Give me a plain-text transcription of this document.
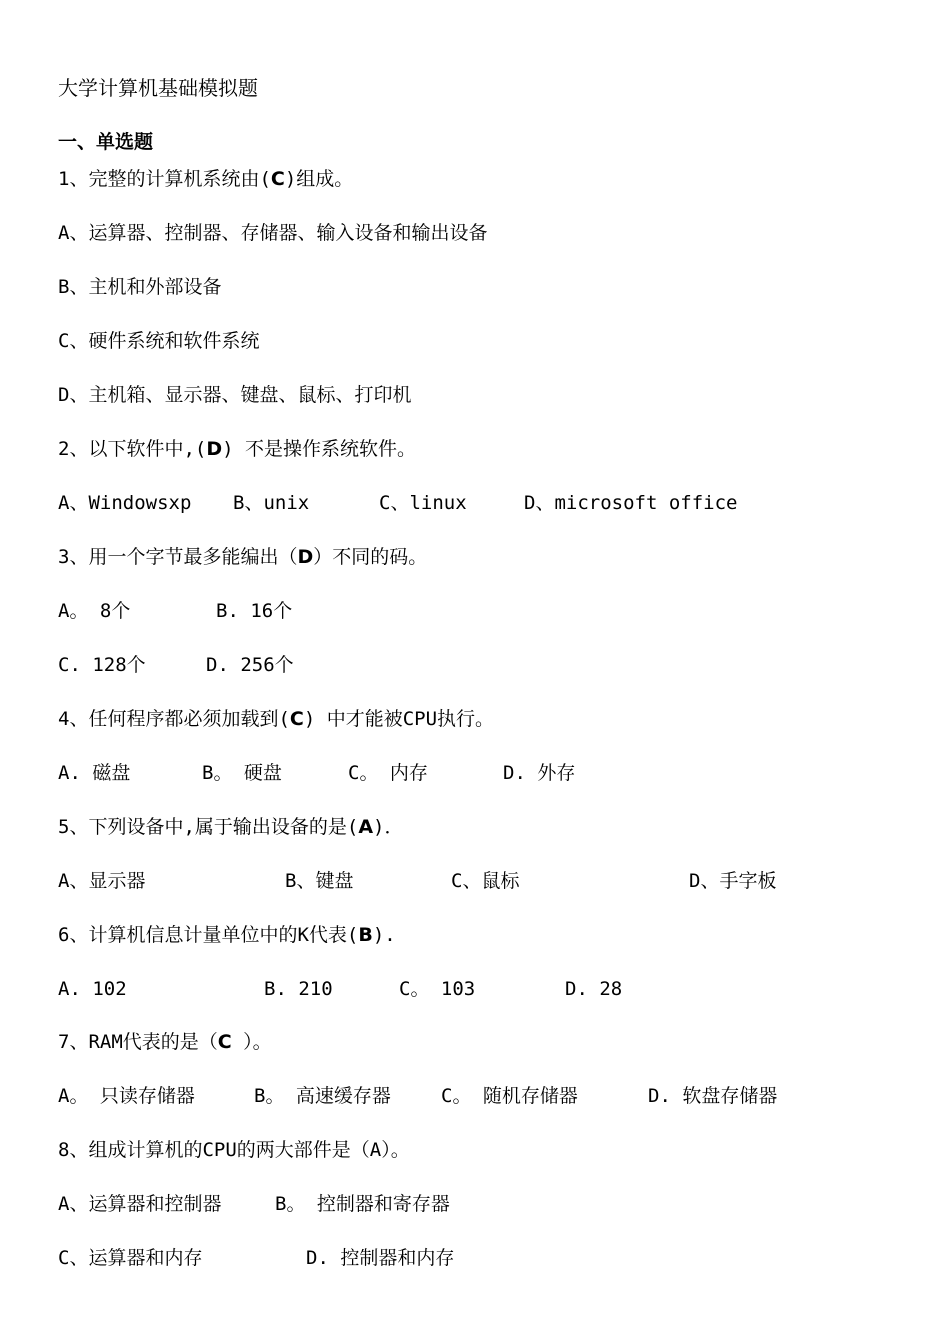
大学计算机基础模拟题
一、单选题
1、完整的计算机系统由(C)组成。
A、运算器、控制器、存储器、输入设备和输出设备
B、主机和外部设备
C、硬件系统和软件系统
D、主机箱、显示器、键盘、鼠标、打印机
2、以下软件中,(D) 不是操作系统软件。
A、Windowsxp B、unix	C、linux	D、microsoft office
3、用一个字节最多能编出（D）不同的码。
A。 8个	B. 16个
C. 128个	D. 256个
4、任何程序都必须加载到(C) 中才能被CPU执行。
A. 磁盘	B。 硬盘	C。 内存	D. 外存
5、下列设备中,属于输出设备的是(A)．
A、显示器	B、键盘	C、鼠标	D、手字板
6、计算机信息计量单位中的K代表(B).
A. 102	B. 210	C。 103	D. 28
7、RAM代表的是（C ）。
A。 只读存储器	B。 高速缓存器	C。 随机存储器	D. 软盘存储器
8、组成计算机的CPU的两大部件是（A）。
A、运算器和控制器	B。 控制器和寄存器
C、运算器和内存	D. 控制器和内存
